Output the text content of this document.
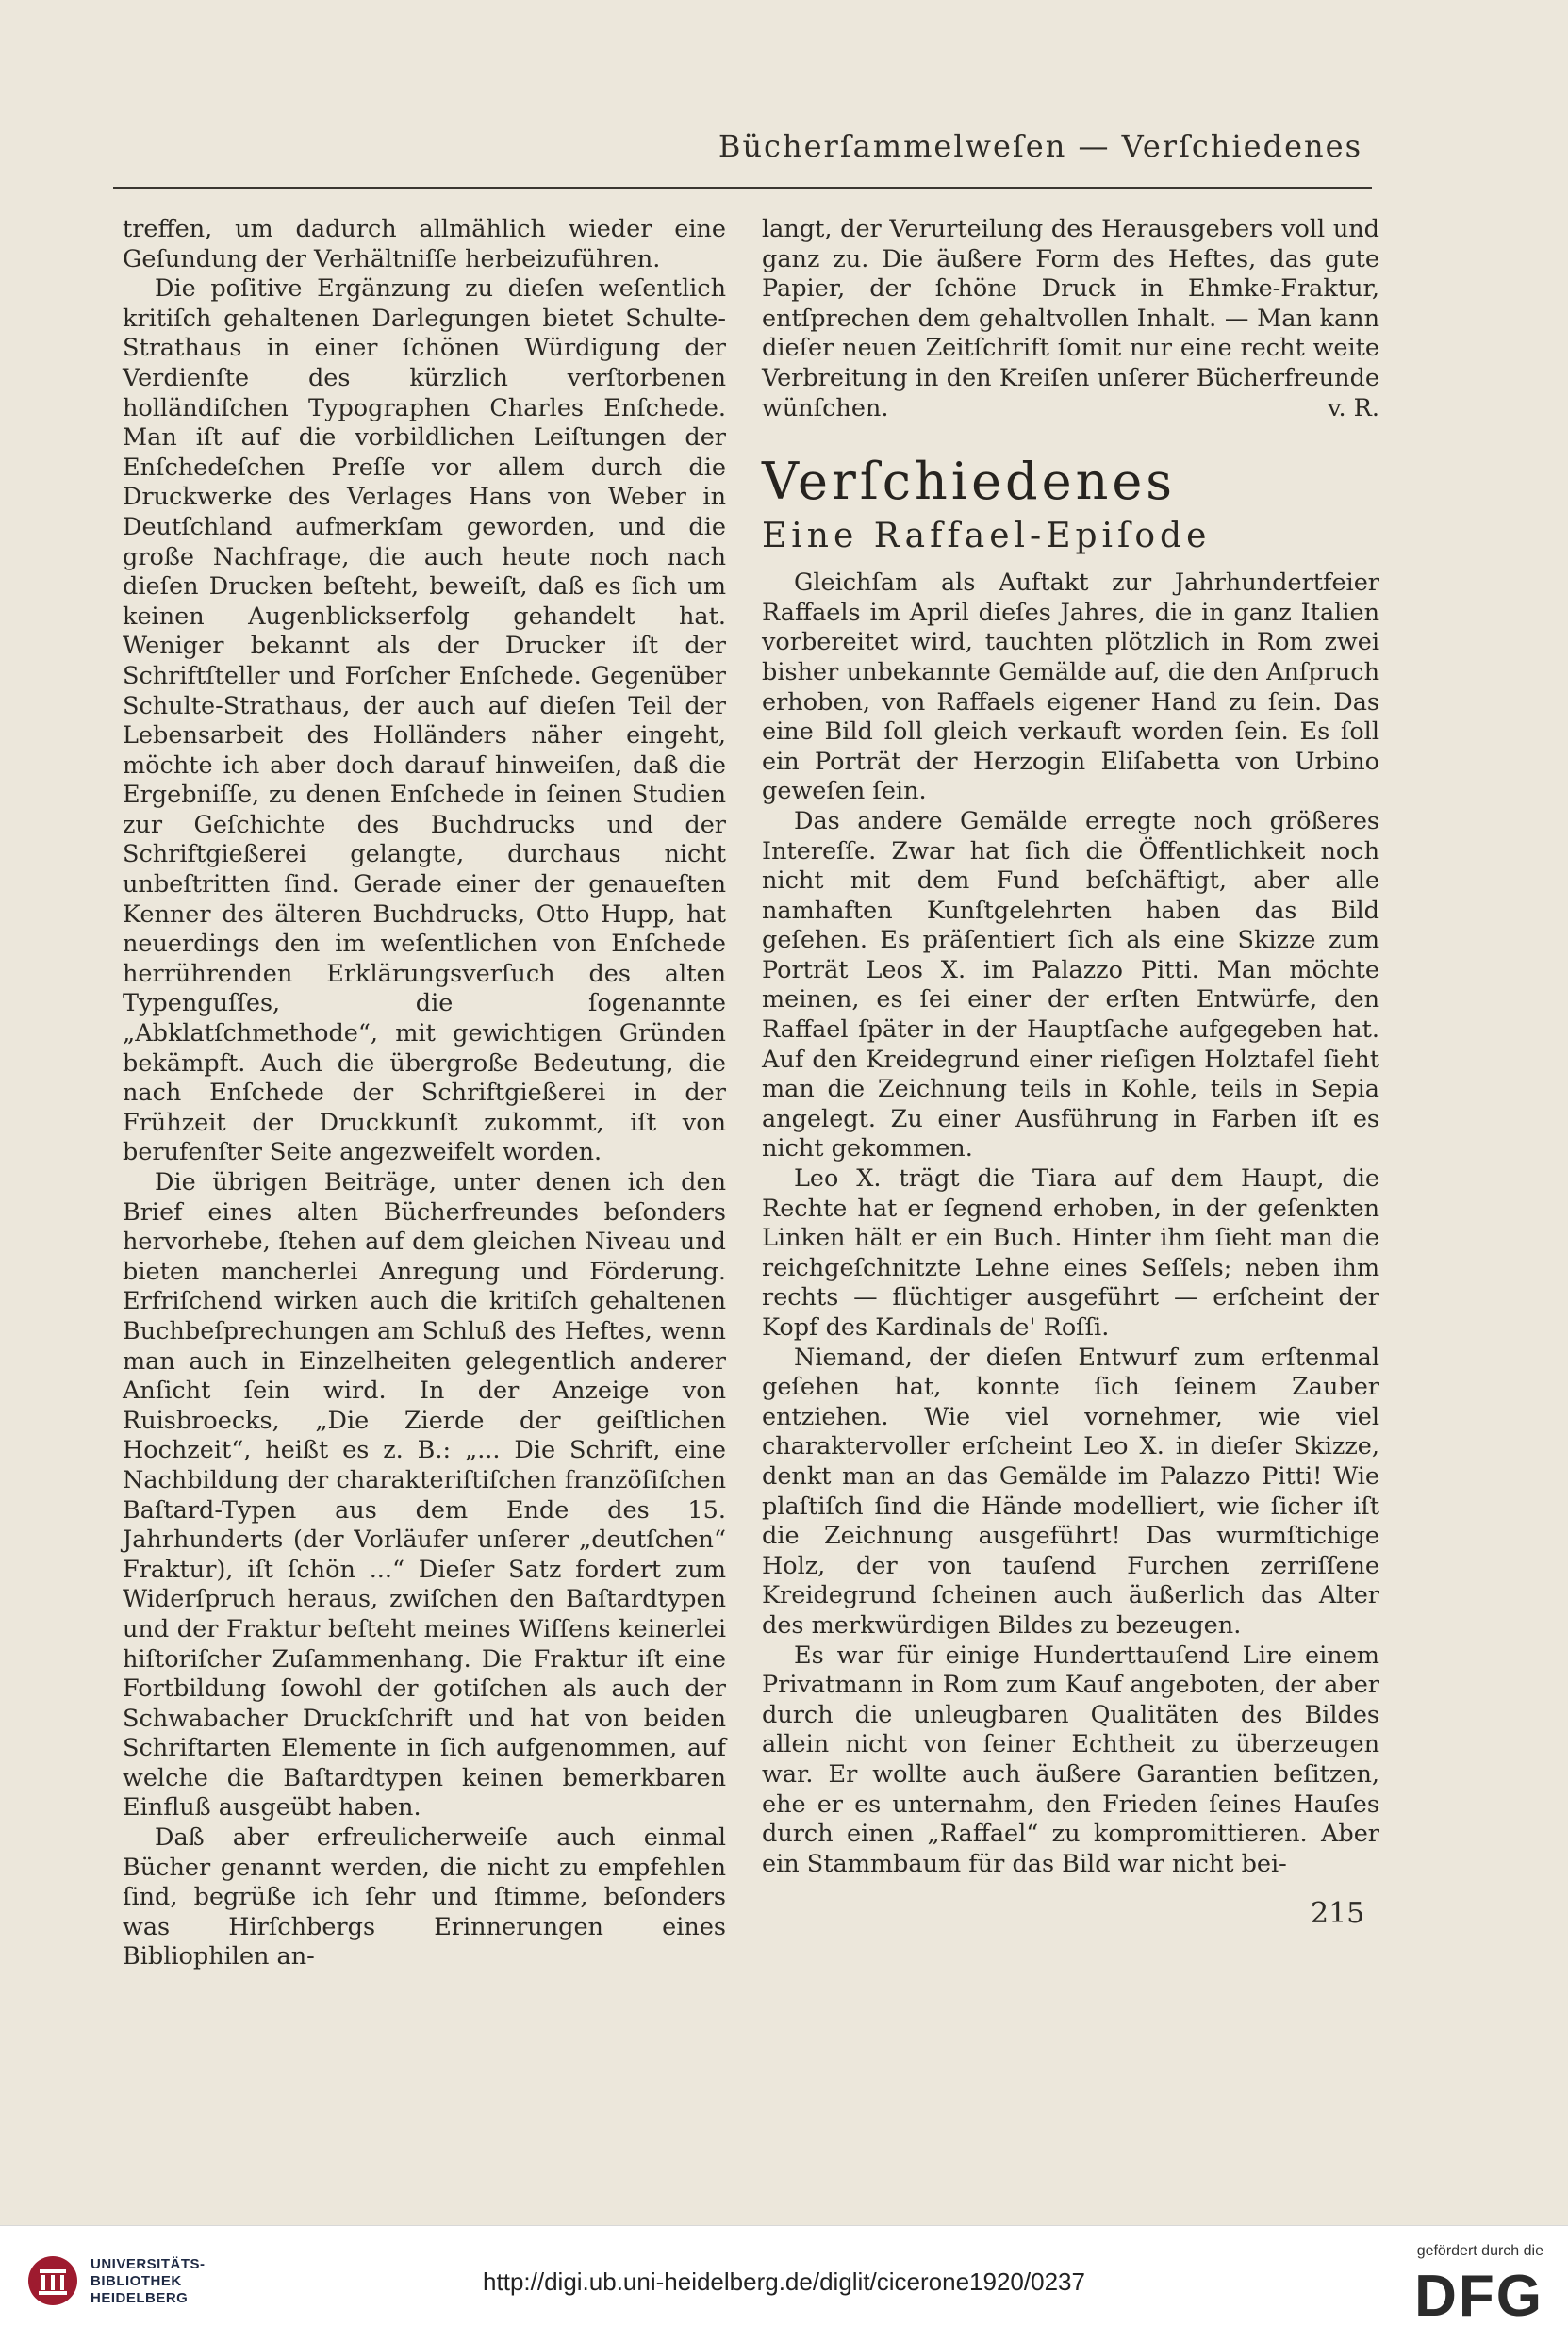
Bücherſammelweſen — Verſchiedenes

treffen, um dadurch allmählich wieder eine Geſundung der Verhältniſſe herbeizuführen.

Die poſitive Ergänzung zu dieſen weſentlich kritiſch gehaltenen Darlegungen bietet Schulte-Strathaus in einer ſchönen Würdigung der Verdienſte des kürzlich verſtorbenen holländiſchen Typographen Charles Enſchede. Man iſt auf die vorbildlichen Leiſtungen der Enſchedeſchen Preſſe vor allem durch die Druckwerke des Verlages Hans von Weber in Deutſchland aufmerkſam geworden, und die große Nachfrage, die auch heute noch nach dieſen Drucken beſteht, beweiſt, daß es ſich um keinen Augenblickserfolg gehandelt hat. Weniger bekannt als der Drucker iſt der Schriftſteller und Forſcher Enſchede. Gegenüber Schulte-Strathaus, der auch auf dieſen Teil der Lebensarbeit des Holländers näher eingeht, möchte ich aber doch darauf hinweiſen, daß die Ergebniſſe, zu denen Enſchede in ſeinen Studien zur Geſchichte des Buchdrucks und der Schriftgießerei gelangte, durchaus nicht unbeſtritten ſind. Gerade einer der genaueſten Kenner des älteren Buchdrucks, Otto Hupp, hat neuerdings den im weſentlichen von Enſchede herrührenden Erklärungsverſuch des alten Typenguſſes, die ſogenannte „Abklatſchmethode“, mit gewichtigen Gründen bekämpft. Auch die übergroße Bedeutung, die nach Enſchede der Schriftgießerei in der Frühzeit der Druckkunſt zukommt, iſt von berufenſter Seite angezweifelt worden.

Die übrigen Beiträge, unter denen ich den Brief eines alten Bücherfreundes beſonders hervorhebe, ſtehen auf dem gleichen Niveau und bieten mancherlei Anregung und Förderung. Erfriſchend wirken auch die kritiſch gehaltenen Buchbeſprechungen am Schluß des Heftes, wenn man auch in Einzelheiten gelegentlich anderer Anſicht ſein wird. In der Anzeige von Ruisbroecks, „Die Zierde der geiſtlichen Hochzeit“, heißt es z. B.: „... Die Schrift, eine Nachbildung der charakteriſtiſchen franzöſiſchen Baſtard-Typen aus dem Ende des 15. Jahrhunderts (der Vorläufer unſerer „deutſchen“ Fraktur), iſt ſchön ...“ Dieſer Satz fordert zum Widerſpruch heraus, zwiſchen den Baſtardtypen und der Fraktur beſteht meines Wiſſens keinerlei hiſtoriſcher Zuſammenhang. Die Fraktur iſt eine Fortbildung ſowohl der gotiſchen als auch der Schwabacher Druckſchrift und hat von beiden Schriftarten Elemente in ſich aufgenommen, auf welche die Baſtardtypen keinen bemerkbaren Einfluß ausgeübt haben.

Daß aber erfreulicherweiſe auch einmal Bücher genannt werden, die nicht zu empfehlen ſind, begrüße ich ſehr und ſtimme, beſonders was Hirſchbergs Erinnerungen eines Bibliophilen an-

langt, der Verurteilung des Herausgebers voll und ganz zu. Die äußere Form des Heftes, das gute Papier, der ſchöne Druck in Ehmke-Fraktur, entſprechen dem gehaltvollen Inhalt. — Man kann dieſer neuen Zeitſchrift ſomit nur eine recht weite Verbreitung in den Kreiſen unſerer Bücherfreunde wünſchen.	v. R.

Verſchiedenes
Eine Raffael-Epiſode

Gleichſam als Auftakt zur Jahrhundertfeier Raffaels im April dieſes Jahres, die in ganz Italien vorbereitet wird, tauchten plötzlich in Rom zwei bisher unbekannte Gemälde auf, die den Anſpruch erhoben, von Raffaels eigener Hand zu ſein. Das eine Bild ſoll gleich verkauft worden ſein. Es ſoll ein Porträt der Herzogin Eliſabetta von Urbino geweſen ſein.

Das andere Gemälde erregte noch größeres Intereſſe. Zwar hat ſich die Öffentlichkeit noch nicht mit dem Fund beſchäftigt, aber alle namhaften Kunſtgelehrten haben das Bild geſehen. Es präſentiert ſich als eine Skizze zum Porträt Leos X. im Palazzo Pitti. Man möchte meinen, es ſei einer der erſten Entwürfe, den Raffael ſpäter in der Hauptſache aufgegeben hat. Auf den Kreidegrund einer rieſigen Holztafel ſieht man die Zeichnung teils in Kohle, teils in Sepia angelegt. Zu einer Ausführung in Farben iſt es nicht gekommen.

Leo X. trägt die Tiara auf dem Haupt, die Rechte hat er ſegnend erhoben, in der geſenkten Linken hält er ein Buch. Hinter ihm ſieht man die reichgeſchnitzte Lehne eines Seſſels; neben ihm rechts — flüchtiger ausgeführt — erſcheint der Kopf des Kardinals de' Roſſi.

Niemand, der dieſen Entwurf zum erſtenmal geſehen hat, konnte ſich ſeinem Zauber entziehen. Wie viel vornehmer, wie viel charaktervoller erſcheint Leo X. in dieſer Skizze, denkt man an das Gemälde im Palazzo Pitti! Wie plaſtiſch ſind die Hände modelliert, wie ſicher iſt die Zeichnung ausgeführt! Das wurmſtichige Holz, der von tauſend Furchen zerriſſene Kreidegrund ſcheinen auch äußerlich das Alter des merkwürdigen Bildes zu bezeugen.

Es war für einige Hunderttauſend Lire einem Privatmann in Rom zum Kauf angeboten, der aber durch die unleugbaren Qualitäten des Bildes allein nicht von ſeiner Echtheit zu überzeugen war. Er wollte auch äußere Garantien beſitzen, ehe er es unternahm, den Frieden ſeines Hauſes durch einen „Raffael“ zu kompromittieren. Aber ein Stammbaum für das Bild war nicht bei-

215
UNIVERSITÄTS-
BIBLIOTHEK
HEIDELBERG
http://digi.ub.uni-heidelberg.de/diglit/cicerone1920/0237
gefördert durch die
DFG
